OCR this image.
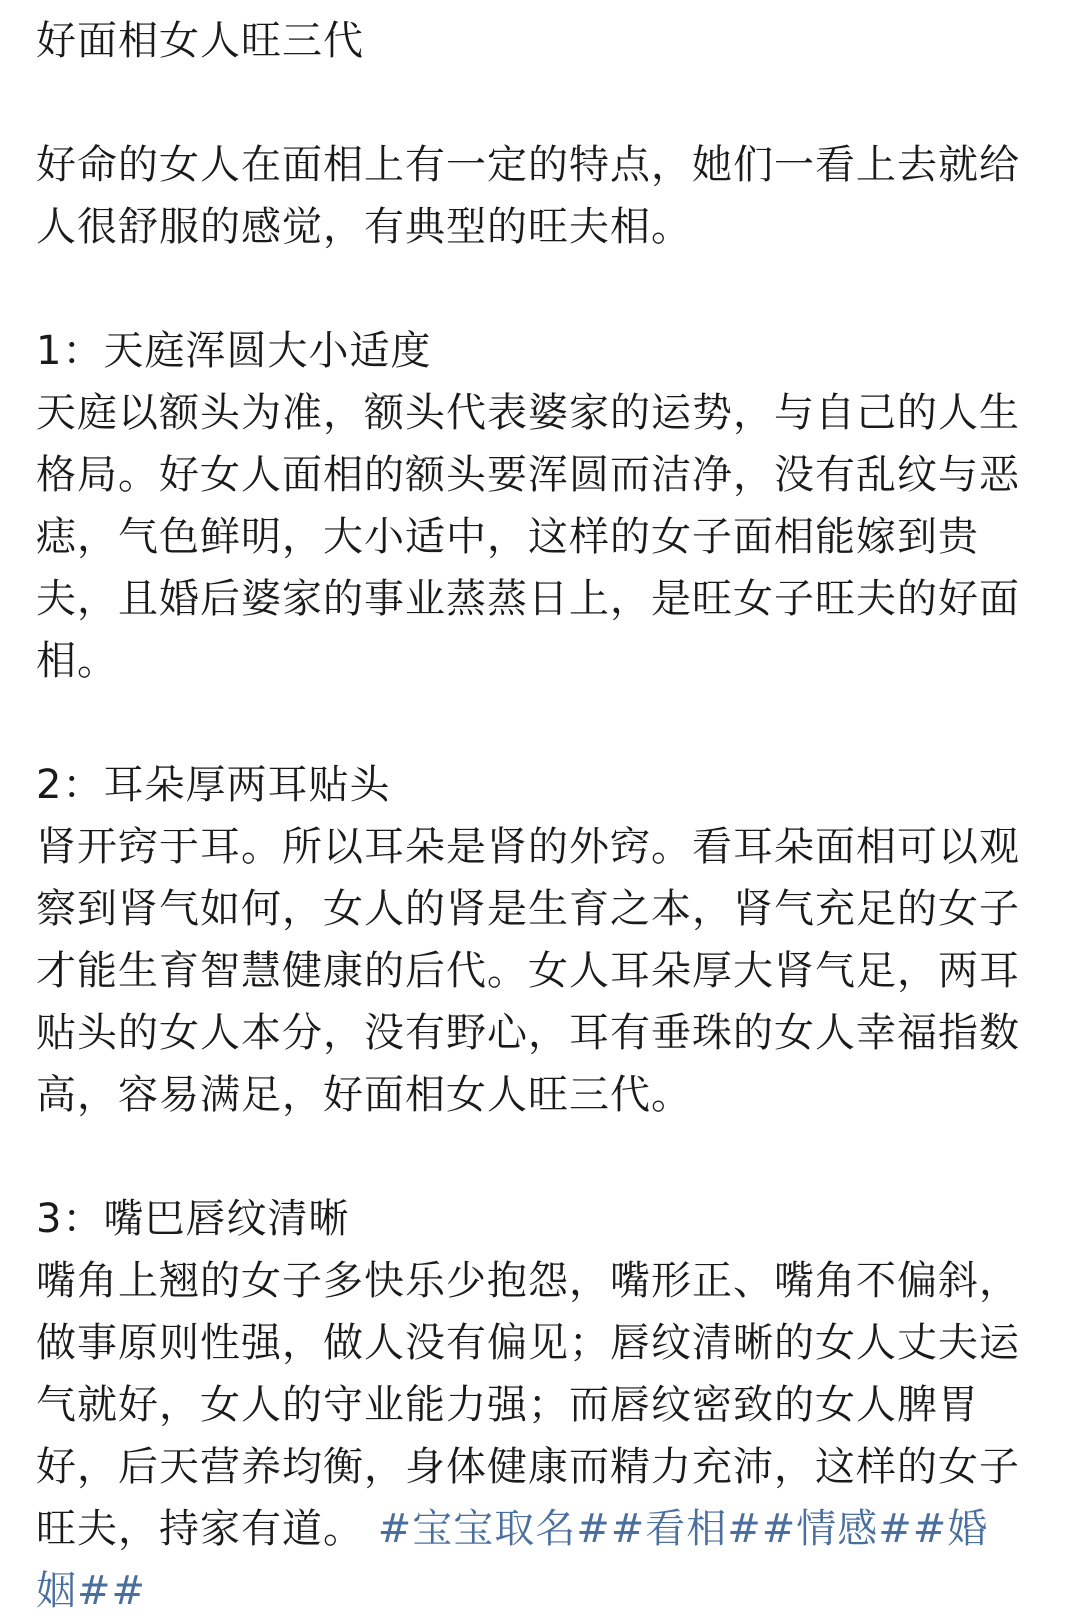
好面相女人旺三代

好命的女人在面相上有一定的特点，她们一看上去就给人很舒服的感觉，有典型的旺夫相。

1：天庭浑圆大小适度

天庭以额头为准，额头代表婆家的运势，与自己的人生格局。好女人面相的额头要浑圆而洁净，没有乱纹与恶痣，气色鲜明，大小适中，这样的女子面相能嫁到贵夫，且婚后婆家的事业蒸蒸日上，是旺女子旺夫的好面相。

2：耳朵厚两耳贴头

肾开窍于耳。所以耳朵是肾的外窍。看耳朵面相可以观察到肾气如何，女人的肾是生育之本，肾气充足的女子才能生育智慧健康的后代。女人耳朵厚大肾气足，两耳贴头的女人本分，没有野心，耳有垂珠的女人幸福指数高，容易满足，好面相女人旺三代。

3：嘴巴唇纹清晰

嘴角上翘的女子多快乐少抱怨，嘴形正、嘴角不偏斜，做事原则性强，做人没有偏见；唇纹清晰的女人丈夫运气就好，女人的守业能力强；而唇纹密致的女人脾胃好，后天营养均衡，身体健康而精力充沛，这样的女子旺夫，持家有道。 #宝宝取名##看相##情感##婚姻##
